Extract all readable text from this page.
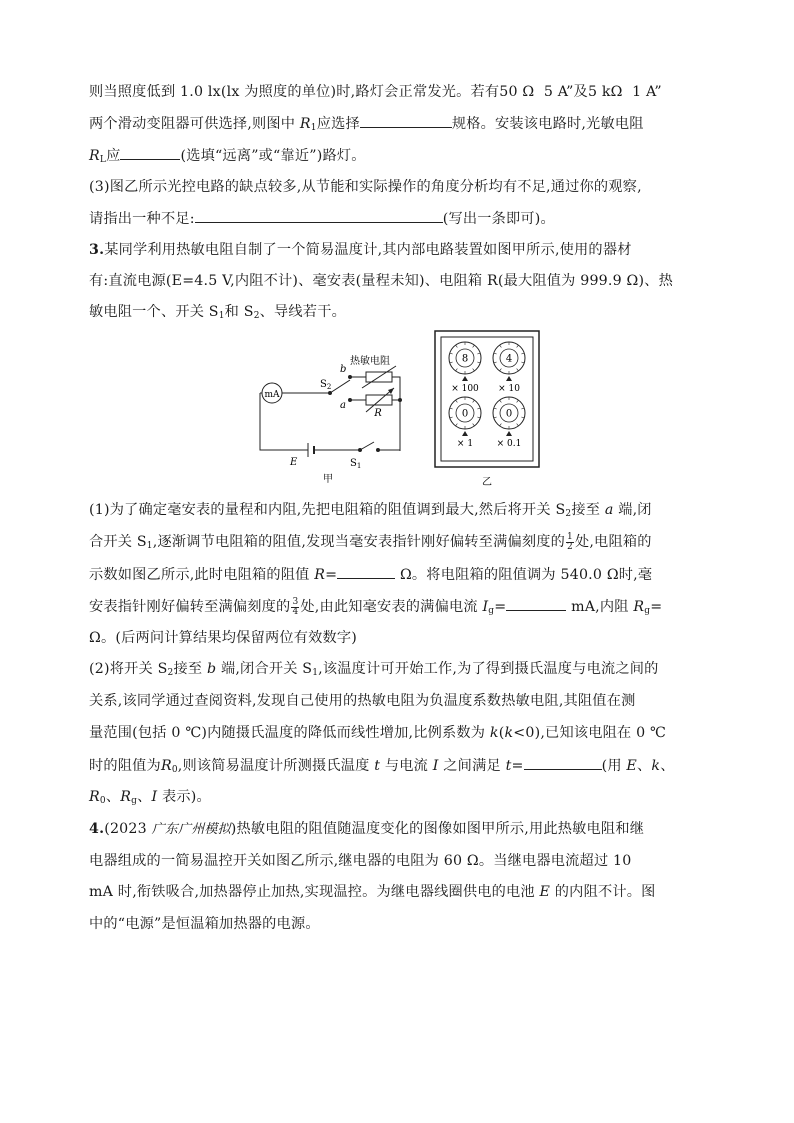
则当照度低到 1.0 lx(lx 为照度的单位)时,路灯会正常发光。若有50 Ω 5 A”及5 kΩ 1 A”
两个滑动变阻器可供选择,则图中 $R_1$应选择	规格。安装该电路时,光敏电阻
$R_L$应	(选填“远离”或“靠近”)路灯。
(3)图乙所示光控电路的缺点较多,从节能和实际操作的角度分析均有不足,通过你的观察,
请指出一种不足:	(写出一条即可)。
3.某同学利用热敏电阻自制了一个简易温度计,其内部电路装置如图甲所示,使用的器材
有:直流电源(E=4.5 V,内阻不计)、毫安表(量程未知)、电阻箱 R(最大阻值为 999.9 Ω)、热
敏电阻一个、开关 $S_1$和 $S_2$、导线若干。
mA
$S_2$
b
a
热敏电阻
R
E	$S_1$
甲
8
× 100
4
× 10
0
× 1
0
× 0.1
乙
(1)为了确定毫安表的量程和内阻,先把电阻箱的阻值调到最大,然后将开关 $S_2$接至 a 端,闭
合开关 $S_1$,逐渐调节电阻箱的阻值,发现当毫安表指针刚好偏转至满偏刻度的 $\frac{1}{2}$ 处,电阻箱的
示数如图乙所示,此时电阻箱的阻值 R=	Ω。将电阻箱的阻值调为 540.0 Ω时,毫
安表指针刚好偏转至满偏刻度的 $\frac{3}{4}$ 处,由此知毫安表的满偏电流 $I_g=$	mA,内阻 $R_g=$
Ω。(后两问计算结果均保留两位有效数字)
(2)将开关 $S_2$接至 b 端,闭合开关 $S_1$,该温度计可开始工作,为了得到摄氏温度与电流之间的
关系,该同学通过查阅资料,发现自己使用的热敏电阻为负温度系数热敏电阻,其阻值在测
量范围(包括 0 ℃)内随摄氏温度的降低而线性增加,比例系数为 k(k<0),已知该电阻在 0 ℃
时的阻值为$R_0$,则该简易温度计所测摄氏温度 t 与电流 I 之间满足 t=	(用 E、k、
$R_0$、$R_g$、I 表示)。
4.(2023 广东广州模拟)热敏电阻的阻值随温度变化的图像如图甲所示,用此热敏电阻和继
电器组成的一简易温控开关如图乙所示,继电器的电阻为 60 Ω。当继电器电流超过 10
mA 时,衔铁吸合,加热器停止加热,实现温控。为继电器线圈供电的电池 E 的内阻不计。图
中的“电源”是恒温箱加热器的电源。
